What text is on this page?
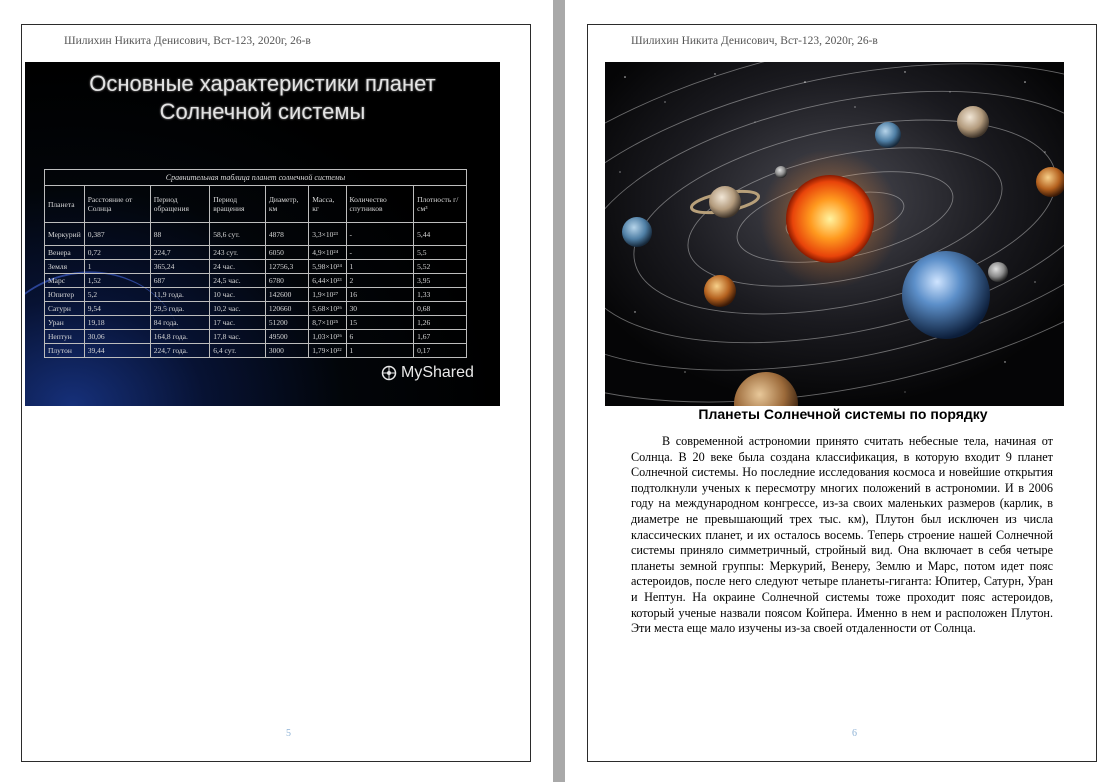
Шилихин Никита Денисович, Вст-123, 2020г, 26-в
Основные характеристики планет
Солнечной системы
Сравнительная таблица планет солнечной системы
Планета	Расстояние от Солнца	Период обращения	Период вращения	Диаметр, км	Масса, кг	Количество спутников	Плотность г/см³
Меркурий	0,387	88	58,6 сут.	4878	3,3×10²³	-	5,44
Венера	0,72	224,7	243 сут.	6050	4,9×10²⁴	-	5,5
Земля	1	365,24	24 час.	12756,3	5,98×10²⁴	1	5,52
Марс	1,52	687	24,5 час.	6780	6,44×10²³	2	3,95
Юпитер	5,2	11,9 года.	10 час.	142600	1,9×10²⁷	16	1,33
Сатурн	9,54	29,5 года.	10,2 час.	120660	5,68×10²⁶	30	0,68
Уран	19,18	84 года.	17 час.	51200	8,7×10²⁵	15	1,26
Нептун	30,06	164,8 года.	17,8 час.	49500	1,03×10²⁶	6	1,67
Плутон	39,44	224,7 года.	6,4 сут.	3000	1,79×10²²	1	0,17
MyShared
5
Шилихин Никита Денисович, Вст-123, 2020г, 26-в
Планеты Солнечной системы по порядку

В современной астрономии принято считать небесные тела, начиная от Солнца. В 20 веке была создана классификация, в которую входит 9 планет Солнечной системы. Но последние исследования космоса и новейшие открытия подтолкнули ученых к пересмотру многих положений в астрономии. И в 2006 году на международном конгрессе, из-за своих маленьких размеров (карлик, в диаметре не превышающий трех тыс. км), Плутон был исключен из числа классических планет, и их осталось восемь. Теперь строение нашей Солнечной системы приняло симметричный, стройный вид. Она включает в себя четыре планеты земной группы: Меркурий, Венеру, Землю и Марс, потом идет пояс астероидов, после него следуют четыре планеты-гиганта: Юпитер, Сатурн, Уран и Нептун. На окраине Солнечной системы тоже проходит пояс астероидов, который ученые назвали поясом Койпера. Именно в нем и расположен Плутон. Эти места еще мало изучены из-за своей отдаленности от Солнца.

6
